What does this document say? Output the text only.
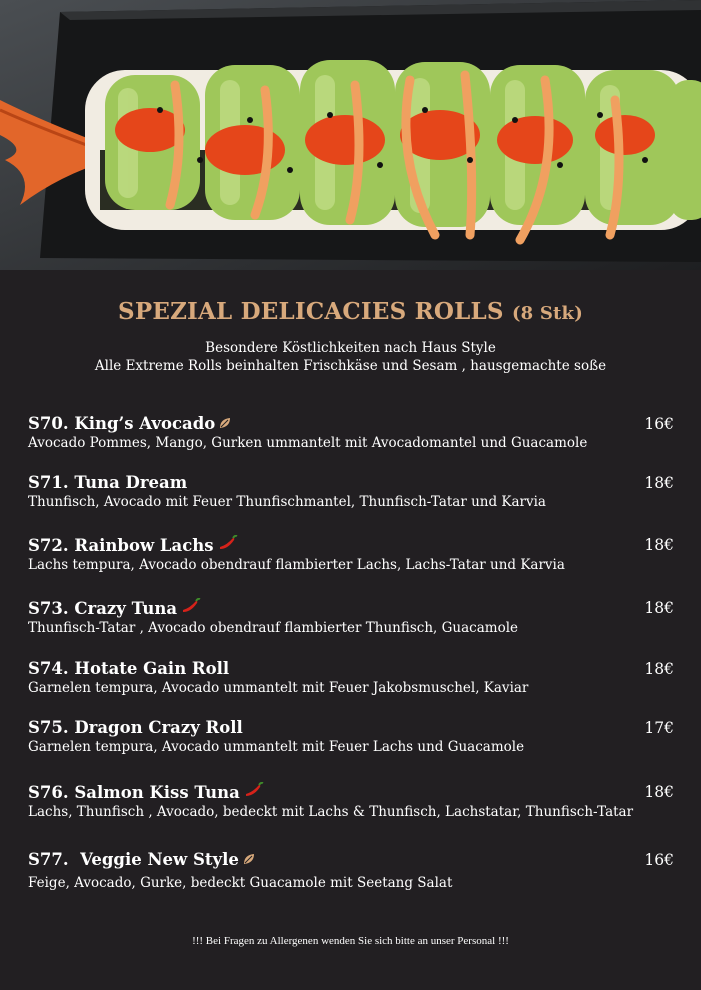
SPEZIAL DELICACIES ROLLS (8 Stk)
Besondere Köstlichkeiten nach Haus Style
Alle Extreme Rolls beinhalten Frischkäse und Sesam , hausgemachte soße
S70. King’s Avocado	16€
Avocado Pommes, Mango, Gurken ummantelt mit Avocadomantel und Guacamole
S71. Tuna Dream	18€
Thunfisch, Avocado mit Feuer Thunfischmantel, Thunfisch-Tatar und Karvia
S72. Rainbow Lachs	18€
Lachs tempura, Avocado obendrauf flambierter Lachs, Lachs-Tatar und Karvia
S73. Crazy Tuna	18€
Thunfisch-Tatar , Avocado obendrauf flambierter Thunfisch, Guacamole
S74. Hotate Gain Roll	18€
Garnelen tempura, Avocado ummantelt mit Feuer Jakobsmuschel, Kaviar
S75. Dragon Crazy Roll	17€
Garnelen tempura, Avocado ummantelt mit Feuer Lachs und Guacamole
S76. Salmon Kiss Tuna	18€
Lachs, Thunfisch , Avocado, bedeckt mit Lachs & Thunfisch, Lachstatar, Thunfisch-Tatar
S77.  Veggie New Style	16€
Feige, Avocado, Gurke, bedeckt Guacamole mit Seetang Salat
!!! Bei Fragen zu Allergenen wenden Sie sich bitte an unser Personal !!!
